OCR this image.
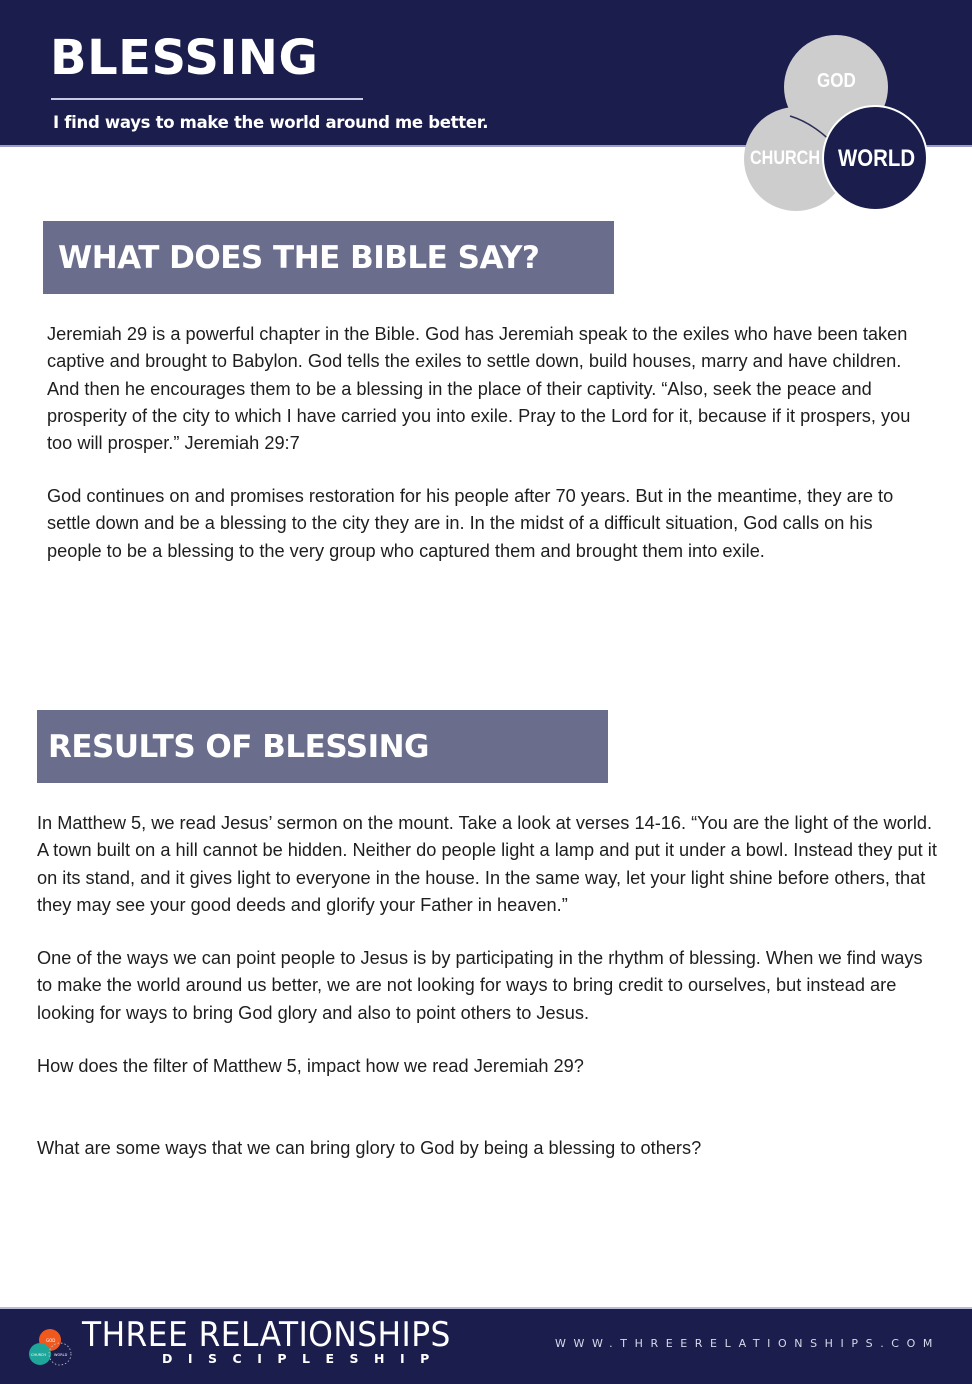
BLESSING
I find ways to make the world around me better.
GOD
CHURCH WORLD
WHAT DOES THE BIBLE SAY?

Jeremiah 29 is a powerful chapter in the Bible. God has Jeremiah speak to the exiles who have been taken captive and brought to Babylon. God tells the exiles to settle down, build houses, marry and have children. And then he encourages them to be a blessing in the place of their captivity. “Also, seek the peace and prosperity of the city to which I have carried you into exile. Pray to the Lord for it, because if it prospers, you too will prosper.” Jeremiah 29:7

God continues on and promises restoration for his people after 70 years. But in the meantime, they are to settle down and be a blessing to the city they are in. In the midst of a difficult situation, God calls on his people to be a blessing to the very group who captured them and brought them into exile.

RESULTS OF BLESSING

In Matthew 5, we read Jesus’ sermon on the mount. Take a look at verses 14-16. “You are the light of the world. A town built on a hill cannot be hidden. Neither do people light a lamp and put it under a bowl. Instead they put it on its stand, and it gives light to everyone in the house. In the same way, let your light shine before others, that they may see your good deeds and glorify your Father in heaven.”

One of the ways we can point people to Jesus is by participating in the rhythm of blessing. When we find ways to make the world around us better, we are not looking for ways to bring credit to ourselves, but instead are looking for ways to bring God glory and also to point others to Jesus.

How does the filter of Matthew 5, impact how we read Jeremiah 29?

What are some ways that we can bring glory to God by being a blessing to others?

GOD
CHURCH WORLD THREE RELATIONSHIPS
DISCIPLESHIP
WWW.THREERELATIONSHIPS.COM
